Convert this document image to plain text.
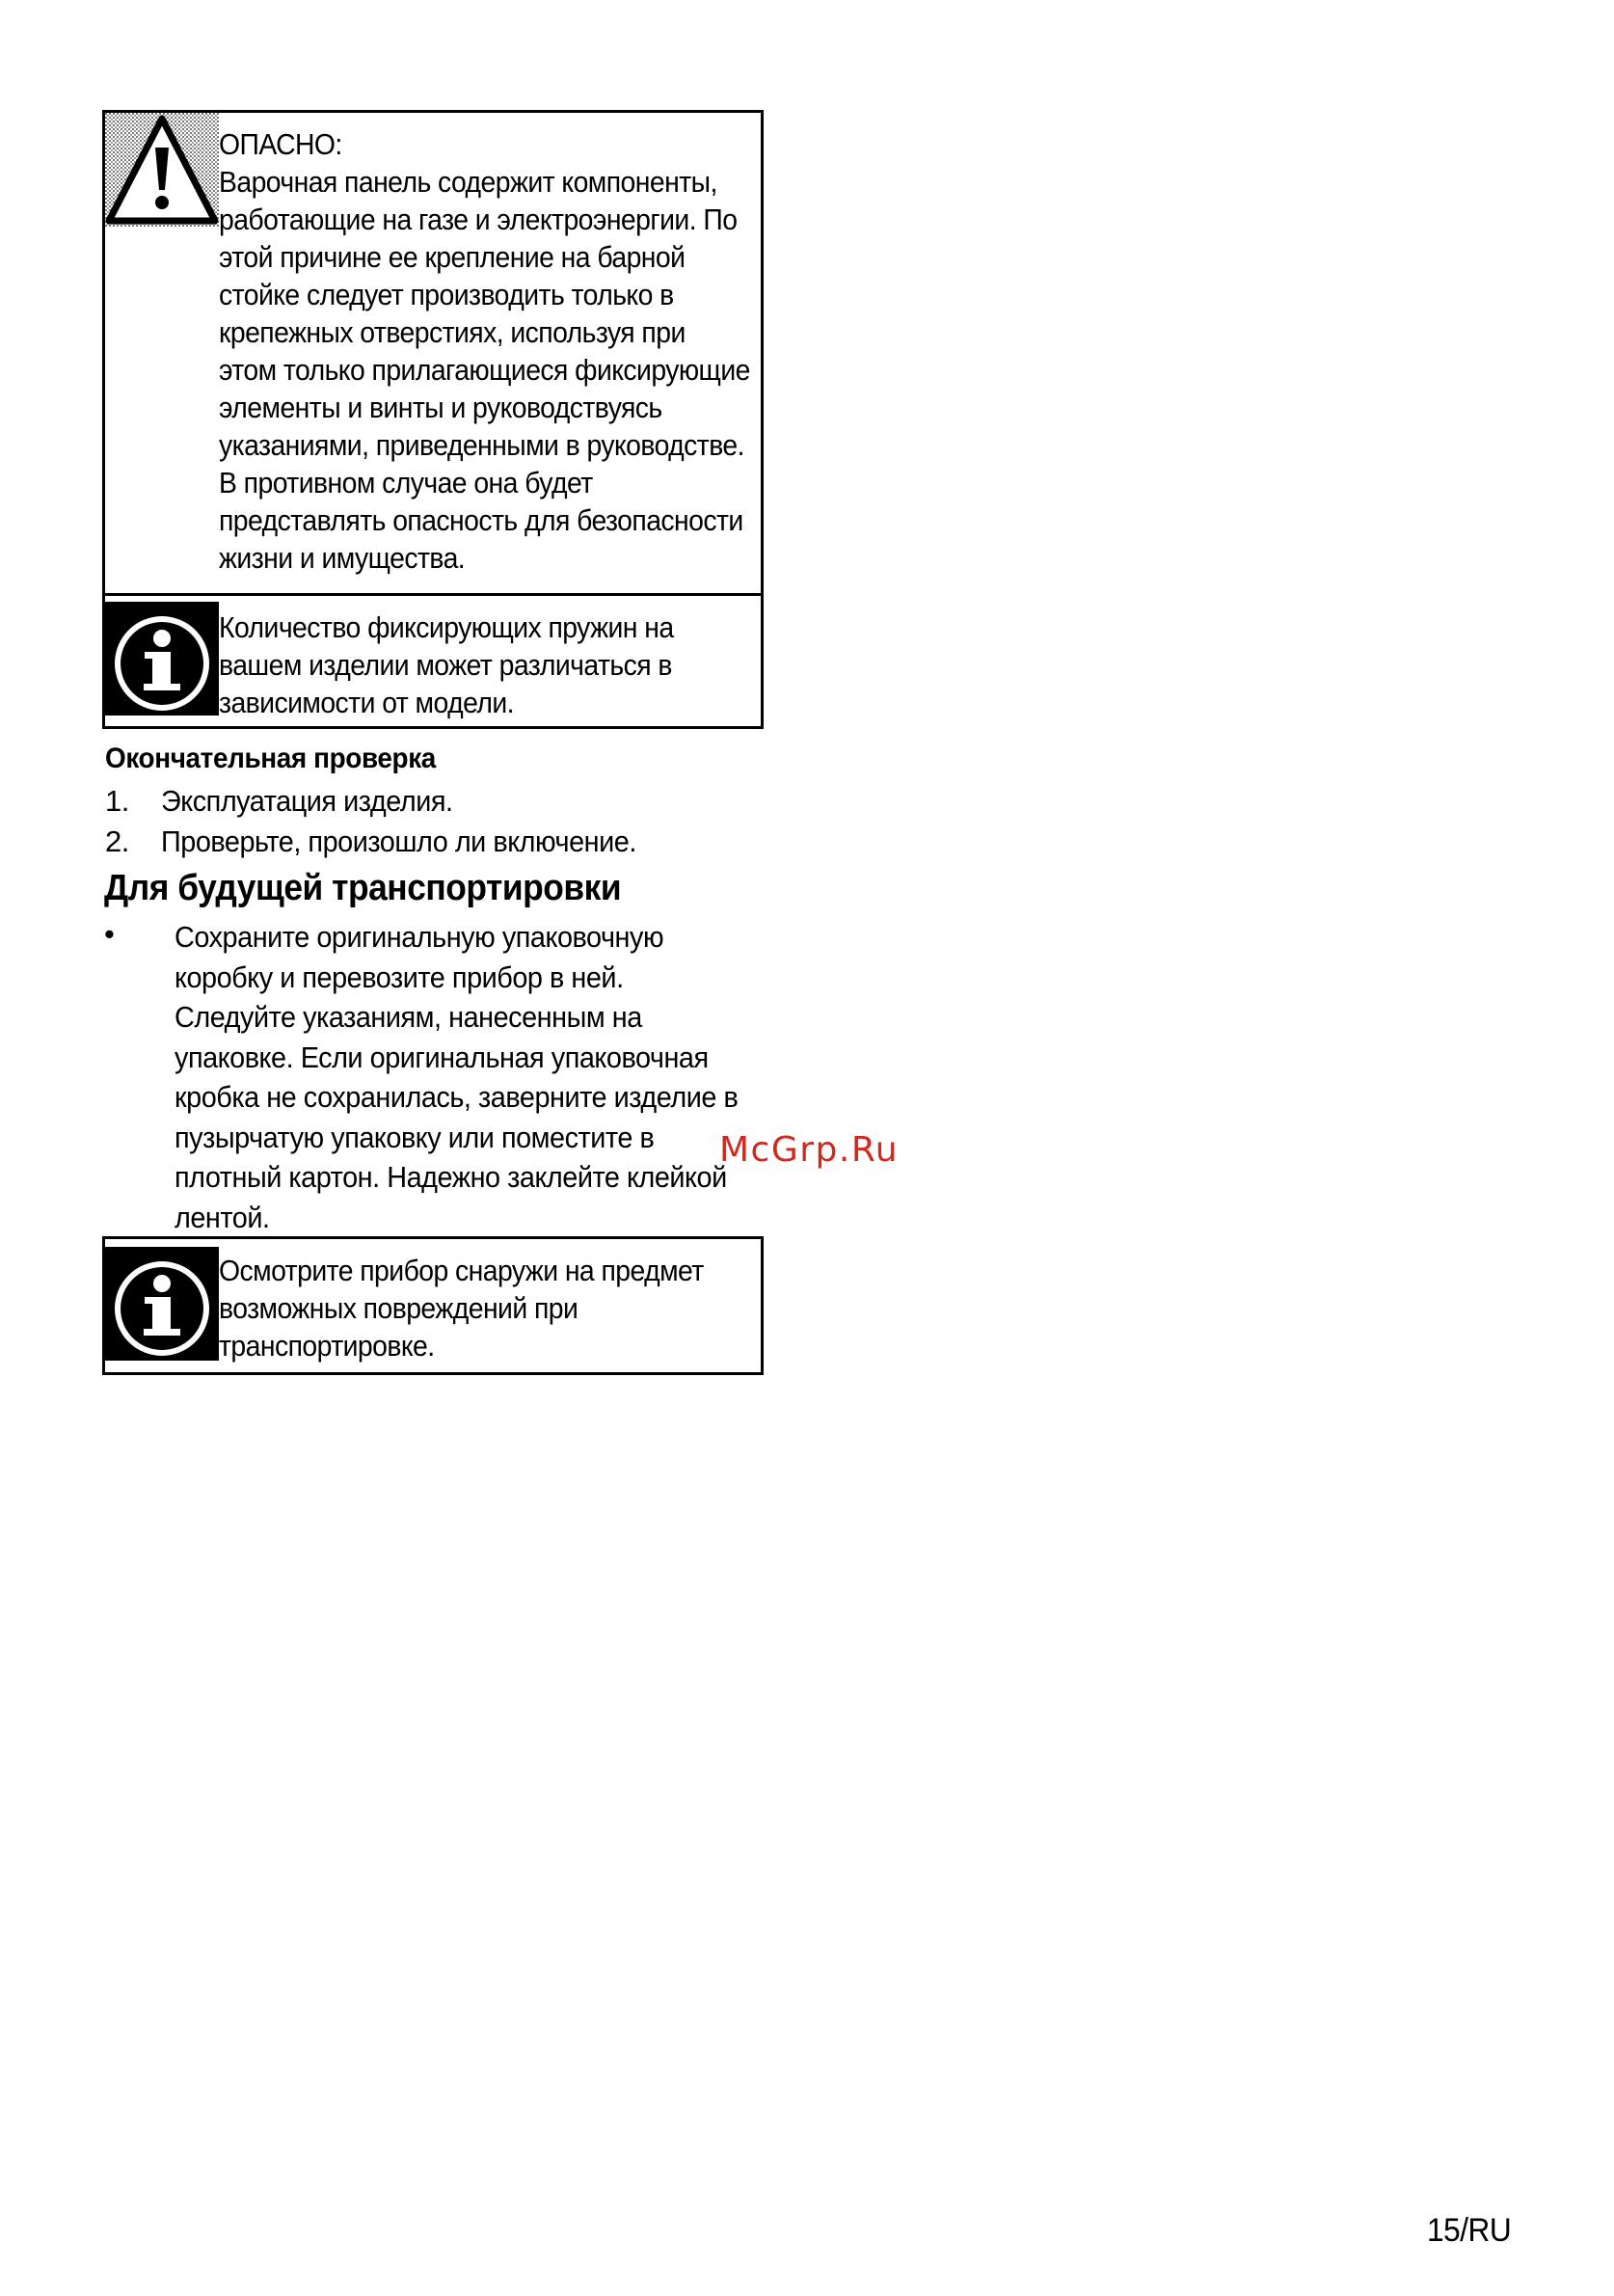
ОПАСНО:
Варочная панель содержит компоненты,
работающие на газе и электроэнергии. По
этой причине ее крепление на барной
стойке следует производить только в
крепежных отверстиях, используя при
этом только прилагающиеся фиксирующие
элементы и винты и руководствуясь
указаниями, приведенными в руководстве.
В противном случае она будет
представлять опасность для безопасности
жизни и имущества.
Количество фиксирующих пружин на
вашем изделии может различаться в
зависимости от модели.
Окончательная проверка
1. Эксплуатация изделия.
2. Проверьте, произошло ли включение.
Для будущей транспортировки
• Сохраните оригинальную упаковочную
коробку и перевозите прибор в ней.
Следуйте указаниям, нанесенным на
упаковке. Если оригинальная упаковочная
кробка не сохранилась, заверните изделие в
пузырчатую упаковку или поместите в
плотный картон. Надежно заклейте клейкой
лентой.
McGrp.Ru
Осмотрите прибор снаружи на предмет
возможных повреждений при
транспортировке.
15/RU
